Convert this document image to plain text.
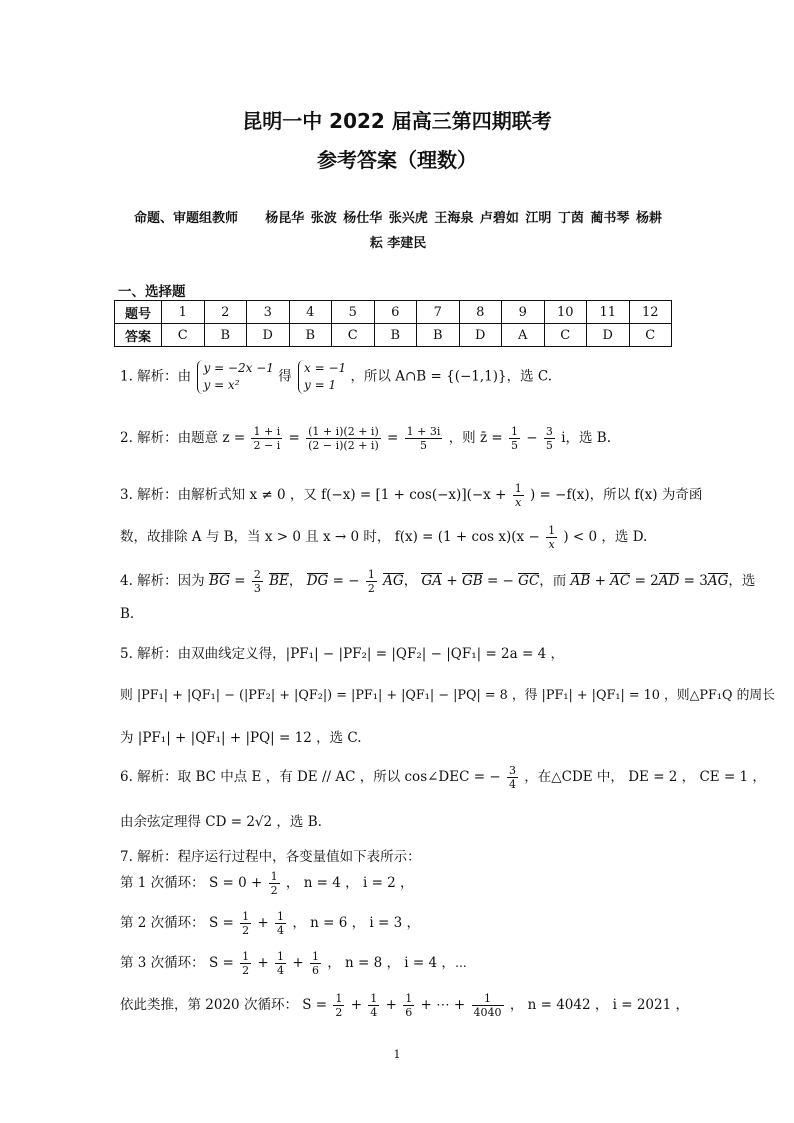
昆明一中 2022 届高三第四期联考
参考答案（理数）
命题、审题组教师 杨昆华 张波 杨仕华 张兴虎 王海泉 卢碧如 江明 丁茵 蔺书琴 杨耕
耘 李建民
一、选择题
题号	1	2	3	4	5	6	7	8	9	10	11	12
答案	C	B	D	B	C	B	B	D	A	C	D	C
1. 解析：由 y = −2x −1
y = x² 得 x = −1
y = 1 ，所以 A∩B = {(−1,1)}，选 C.
2. 解析：由题意 $z = \frac{1 + i}{2 - i} = \frac{(1 + i)(2 + i)}{(2 - i)(2 + i)} = \frac{1 + 3i}{5}$ ，则 z̄ = $\frac{1}{5} - \frac{3}{5}$ i，选 B.
3. 解析：由解析式知 x ≠ 0 ，又 $f(-x) = [1 + \cos(-x)](-x + \frac{1}{x}$ ) = −f(x)，所以 f(x) 为奇函
数，故排除 A 与 B，当 x > 0 且 x → 0 时， $f(x) = (1 + \cos x)(x - \frac{1}{x}$ ) < 0 ，选 D.
4. 解析：因为 BG = $\frac{2}{3}$ BE， DG = − $\frac{1}{2}$ AG， GA + GB = − GC，而 AB + AC = 2AD = 3AG，选
B.
5. 解析：由双曲线定义得，|PF₁| − |PF₂| = |QF₂| − |QF₁| = 2a = 4 ，
则 |PF₁| + |QF₁| − (|PF₂| + |QF₂|) = |PF₁| + |QF₁| − |PQ| = 8 ，得 |PF₁| + |QF₁| = 10 ，则△PF₁Q 的周长
为 |PF₁| + |QF₁| + |PQ| = 12 ，选 C.
6. 解析：取 BC 中点 E ，有 DE // AC ，所以 cos∠DEC = − $\frac{3}{4}$ ，在△CDE 中， DE = 2 ， CE = 1 ，
由余弦定理得 CD = 2√2 ，选 B.
7. 解析：程序运行过程中，各变量值如下表所示：
第 1 次循环： $S = 0 + \frac{1}{2}$ ， n = 4 ， i = 2 ，
第 2 次循环： $S = \frac{1}{2} + \frac{1}{4}$ ， n = 6 ， i = 3 ，
第 3 次循环： $S = \frac{1}{2} + \frac{1}{4} + \frac{1}{6}$ ， n = 8 ， i = 4 ，⋯
依此类推，第 2020 次循环： $S = \frac{1}{2} + \frac{1}{4} + \frac{1}{6}$ + ⋯ + $\frac{1}{4040}$ ， n = 4042 ， i = 2021 ，
1
